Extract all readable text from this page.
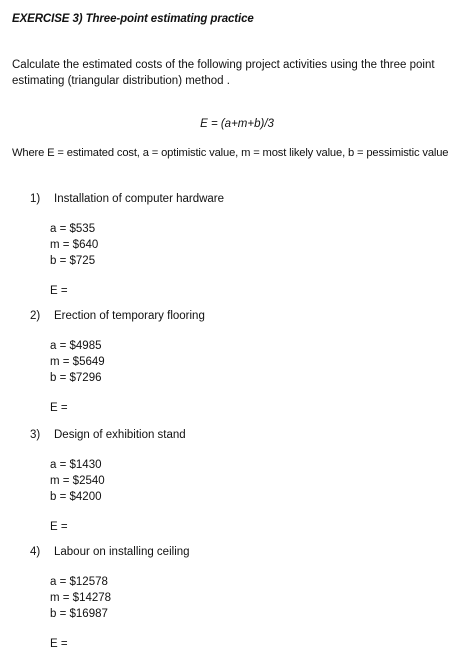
EXERCISE 3) Three-point estimating practice
Calculate the estimated costs of the following project activities using the three point estimating (triangular distribution) method .
E = (a+m+b)/3
Where E = estimated cost, a = optimistic value, m = most likely value, b = pessimistic value
1)	Installation of computer hardware
a = $535
m = $640
b = $725
E =
2)	Erection of temporary flooring
a = $4985
m = $5649
b = $7296
E =
3)	Design of exhibition stand
a = $1430
m = $2540
b = $4200
E =
4)	Labour on installing ceiling
a = $12578
m = $14278
b = $16987
E =
